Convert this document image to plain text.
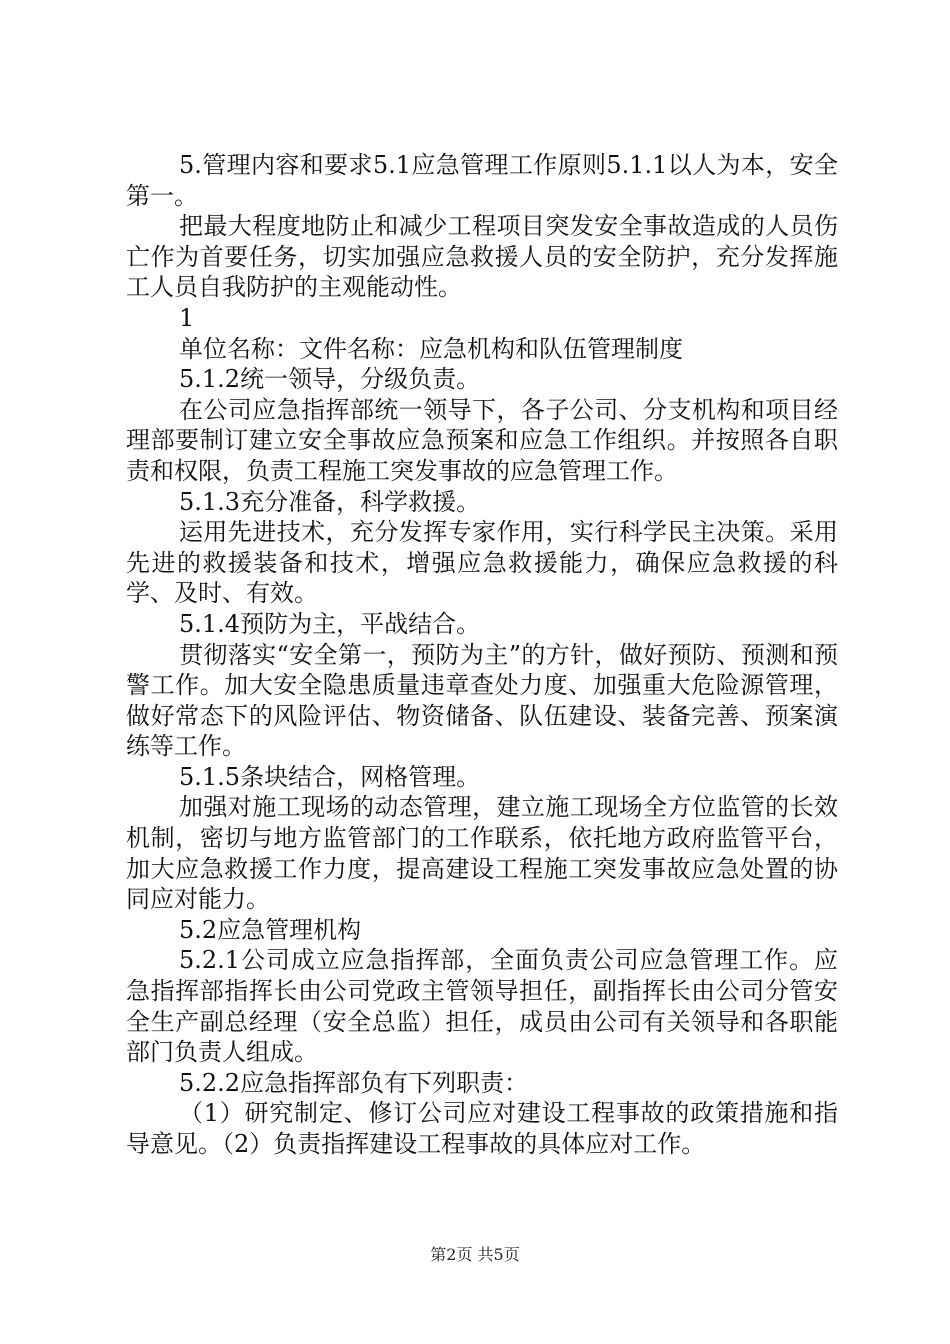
5.管理内容和要求5.1应急管理工作原则5.1.1以人为本，安全第一。

把最大程度地防止和减少工程项目突发安全事故造成的人员伤亡作为首要任务，切实加强应急救援人员的安全防护，充分发挥施工人员自我防护的主观能动性。

1

单位名称：文件名称：应急机构和队伍管理制度

5.1.2统一领导，分级负责。

在公司应急指挥部统一领导下，各子公司、分支机构和项目经理部要制订建立安全事故应急预案和应急工作组织。并按照各自职责和权限，负责工程施工突发事故的应急管理工作。

5.1.3充分准备，科学救援。

运用先进技术，充分发挥专家作用，实行科学民主决策。采用先进的救援装备和技术，增强应急救援能力，确保应急救援的科学、及时、有效。

5.1.4预防为主，平战结合。

贯彻落实“安全第一，预防为主”的方针，做好预防、预测和预警工作。加大安全隐患质量违章查处力度、加强重大危险源管理，做好常态下的风险评估、物资储备、队伍建设、装备完善、预案演练等工作。

5.1.5条块结合，网格管理。

加强对施工现场的动态管理，建立施工现场全方位监管的长效机制，密切与地方监管部门的工作联系，依托地方政府监管平台，加大应急救援工作力度，提高建设工程施工突发事故应急处置的协同应对能力。

5.2应急管理机构

5.2.1公司成立应急指挥部，全面负责公司应急管理工作。应急指挥部指挥长由公司党政主管领导担任，副指挥长由公司分管安全生产副总经理（安全总监）担任，成员由公司有关领导和各职能部门负责人组成。

5.2.2应急指挥部负有下列职责：

（1）研究制定、修订公司应对建设工程事故的政策措施和指导意见。（2）负责指挥建设工程事故的具体应对工作。

第2页 共5页
